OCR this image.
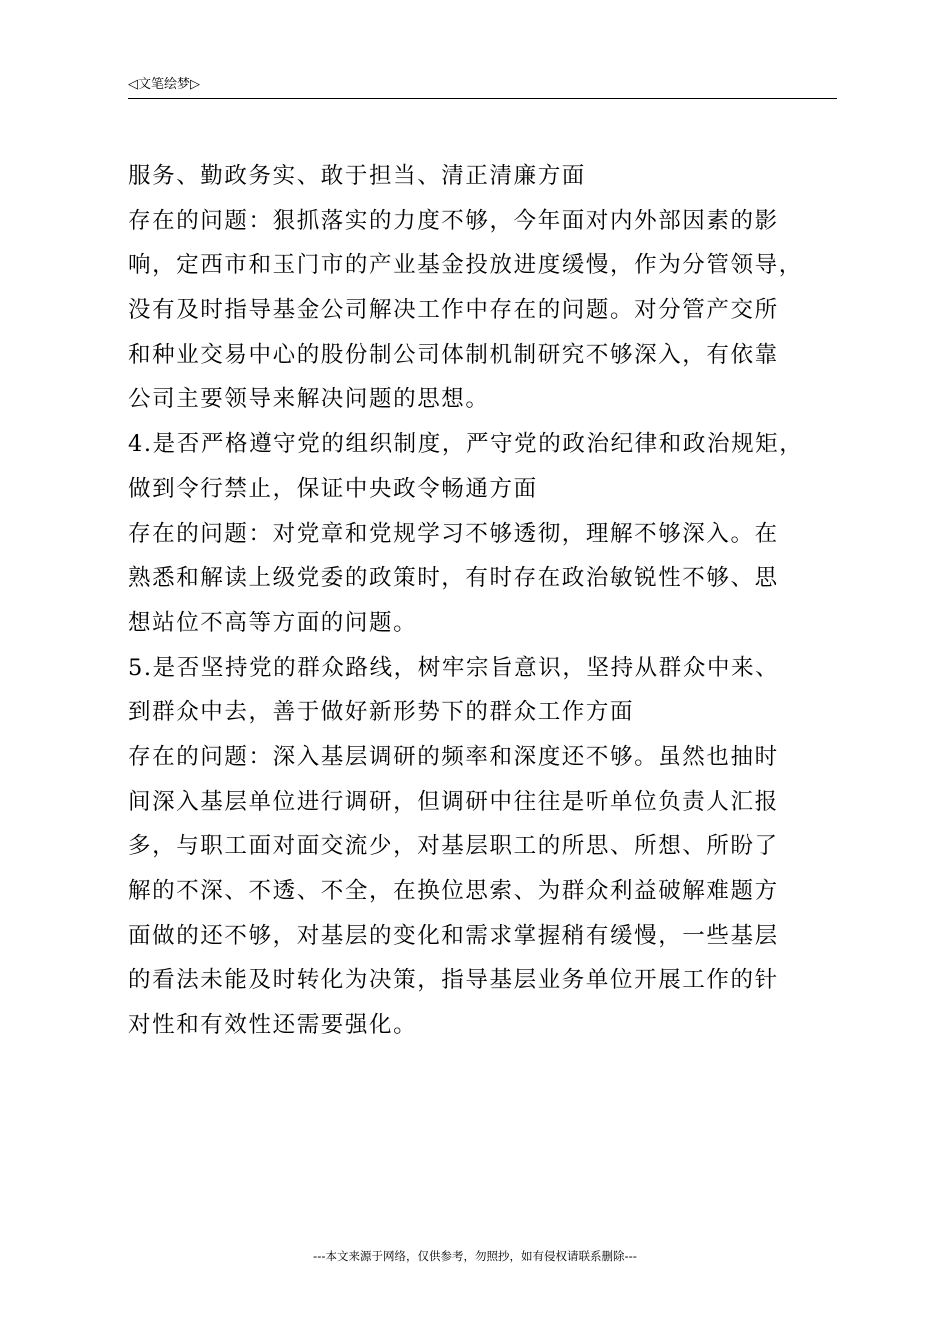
◁文笔绘梦▷
服务、勤政务实、敢于担当、清正清廉方面
存在的问题：狠抓落实的力度不够，今年面对内外部因素的影
响，定西市和玉门市的产业基金投放进度缓慢，作为分管领导，
没有及时指导基金公司解决工作中存在的问题。对分管产交所
和种业交易中心的股份制公司体制机制研究不够深入，有依靠
公司主要领导来解决问题的思想。
4.是否严格遵守党的组织制度，严守党的政治纪律和政治规矩，
做到令行禁止，保证中央政令畅通方面
存在的问题：对党章和党规学习不够透彻，理解不够深入。在
熟悉和解读上级党委的政策时，有时存在政治敏锐性不够、思
想站位不高等方面的问题。
5.是否坚持党的群众路线，树牢宗旨意识，坚持从群众中来、
到群众中去，善于做好新形势下的群众工作方面
存在的问题：深入基层调研的频率和深度还不够。虽然也抽时
间深入基层单位进行调研，但调研中往往是听单位负责人汇报
多，与职工面对面交流少，对基层职工的所思、所想、所盼了
解的不深、不透、不全，在换位思索、为群众利益破解难题方
面做的还不够，对基层的变化和需求掌握稍有缓慢，一些基层
的看法未能及时转化为决策，指导基层业务单位开展工作的针
对性和有效性还需要强化。
---本文来源于网络，仅供参考，勿照抄，如有侵权请联系删除---
